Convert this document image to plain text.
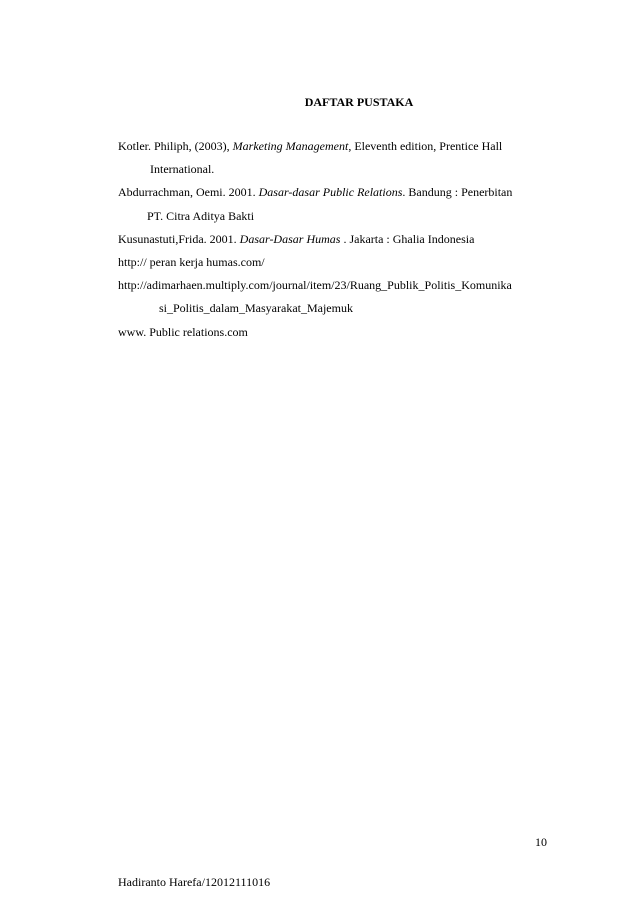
DAFTAR PUSTAKA
Kotler. Philiph, (2003), Marketing Management, Eleventh edition, Prentice Hall
International.
Abdurrachman, Oemi. 2001. Dasar-dasar Public Relations. Bandung : Penerbitan
PT. Citra Aditya Bakti
Kusunastuti,Frida. 2001. Dasar-Dasar Humas . Jakarta : Ghalia Indonesia
http:// peran kerja humas.com/
http://adimarhaen.multiply.com/journal/item/23/Ruang_Publik_Politis_Komunika
si_Politis_dalam_Masyarakat_Majemuk
www. Public relations.com
10
Hadiranto Harefa/12012111016
